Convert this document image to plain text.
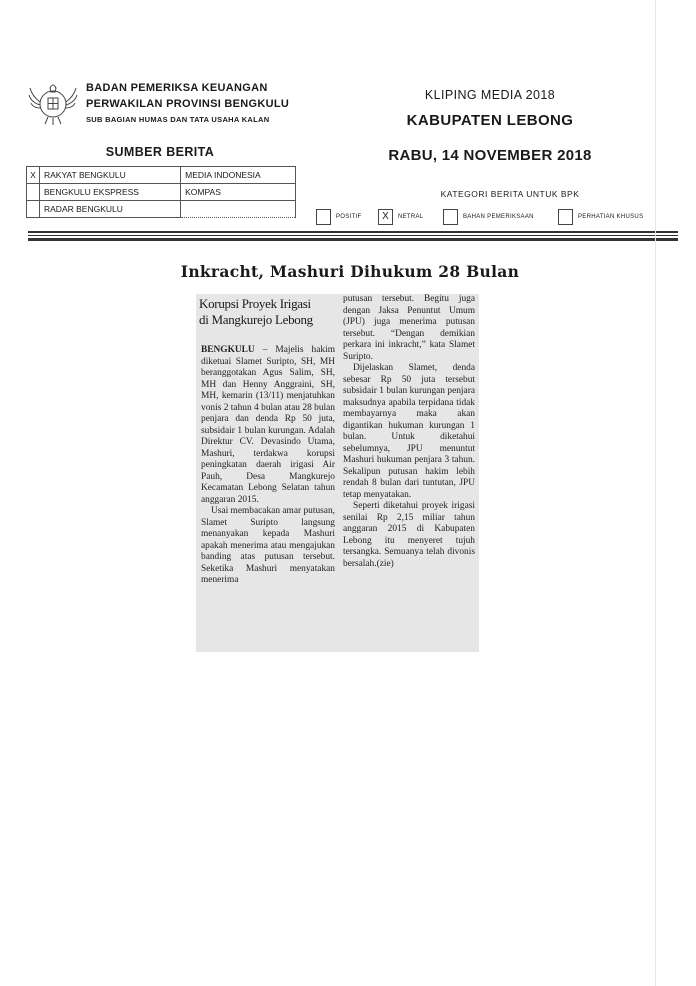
BADAN PEMERIKSA KEUANGAN
PERWAKILAN PROVINSI BENGKULU
SUB BAGIAN HUMAS DAN TATA USAHA KALAN
KLIPING MEDIA 2018
KABUPATEN LEBONG
SUMBER BERITA	RABU, 14 NOVEMBER 2018
X	RAKYAT BENGKULU	MEDIA INDONESIA
	BENGKULU EKSPRESS	KOMPAS
	RADAR BENGKULU	
KATEGORI BERITA UNTUK BPK
POSITIF	X	NETRAL	BAHAN PEMERIKSAAN	PERHATIAN KHUSUS
Inkracht, Mashuri Dihukum 28 Bulan
Korupsi Proyek Irigasi
di Mangkurejo Lebong

BENGKULU – Majelis hakim diketuai Slamet Suripto, SH, MH beranggotakan Agus Salim, SH, MH dan Henny Anggraini, SH, MH, kemarin (13/11) menjatuhkan vonis 2 tahun 4 bulan atau 28 bulan penjara dan denda Rp 50 juta, subsidair 1 bulan kurungan. Adalah Direktur CV. Devasindo Utama, Mashuri, terdakwa korupsi peningkatan daerah irigasi Air Pauh, Desa Mangkurejo Kecamatan Lebong Selatan tahun anggaran 2015.

Usai membacakan amar putusan, Slamet Suripto langsung menanyakan kepada Mashuri apakah menerima atau mengajukan banding atas putusan tersebut. Seketika Mashuri menyatakan menerima

putusan tersebut. Begitu juga dengan Jaksa Penuntut Umum (JPU) juga menerima putusan tersebut. “Dengan demikian perkara ini inkracht,” kata Slamet Suripto.

Dijelaskan Slamet, denda sebesar Rp 50 juta tersebut subsidair 1 bulan kurungan penjara maksudnya apabila terpidana tidak membayarnya maka akan digantikan hukuman kurungan 1 bulan. Untuk diketahui sebelumnya, JPU menuntut Mashuri hukuman penjara 3 tahun. Sekalipun putusan hakim lebih rendah 8 bulan dari tuntutan, JPU tetap menyatakan.

Seperti diketahui proyek irigasi senilai Rp 2,15 miliar tahun anggaran 2015 di Kabupaten Lebong itu menyeret tujuh tersangka. Semuanya telah divonis bersalah.(zie)
